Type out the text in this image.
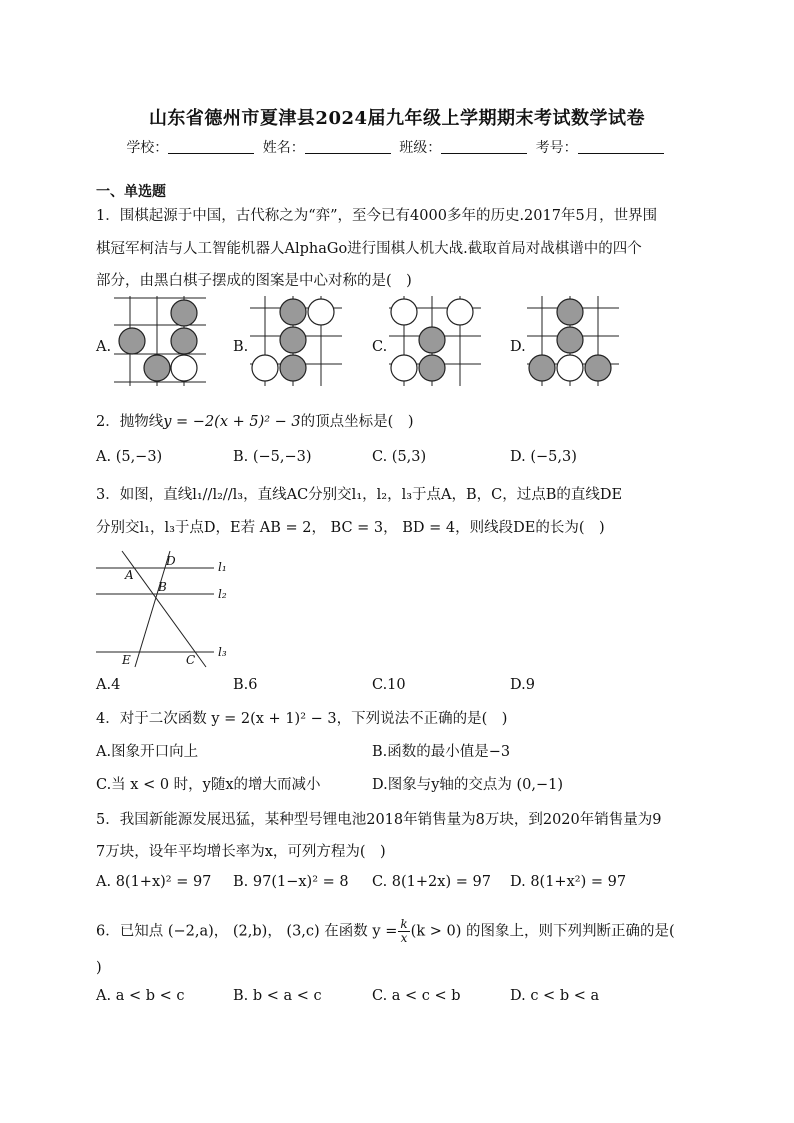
山东省德州市夏津县2024届九年级上学期期末考试数学试卷
学校：	姓名：	班级：	考号：
一、单选题
1．围棋起源于中国，古代称之为“弈”，至今已有4000多年的历史.2017年5月，世界围
棋冠军柯洁与人工智能机器人AlphaGo进行围棋人机大战.截取首局对战棋谱中的四个
部分，由黑白棋子摆成的图案是中心对称的是(　)
A.	B.	C.	D.
2．抛物线y = −2(x + 5)² − 3的顶点坐标是(　)
A. (5,−3)	B. (−5,−3)	C. (5,3)	D. (−5,3)
3．如图，直线l₁//l₂//l₃，直线AC分别交l₁，l₂，l₃于点A，B，C，过点B的直线DE
分别交l₁，l₃于点D，E若 AB = 2， BC = 3， BD = 4，则线段DE的长为(　)
D
A
B
E	C
l₁
l₂
l₃
A.4	B.6	C.10	D.9
4．对于二次函数 y = 2(x + 1)² − 3，下列说法不正确的是(　)
A.图象开口向上	B.函数的最小值是−3
C.当 x < 0 时，y随x的增大而减小	D.图象与y轴的交点为 (0,−1)
5．我国新能源发展迅猛，某种型号锂电池2018年销售量为8万块，到2020年销售量为9
7万块，设年平均增长率为x，可列方程为(　)
A. 8(1+x)² = 97 B. 97(1−x)² = 8 C. 8(1+2x) = 97 D. 8(1+x²) = 97
6．已知点 (−2,a)， (2,b)， (3,c) 在函数 $y = \frac{k}{x} (k > 0)$ 的图象上，则下列判断正确的是(
)
A. a < b < c	B. b < a < c	C. a < c < b	D. c < b < a
